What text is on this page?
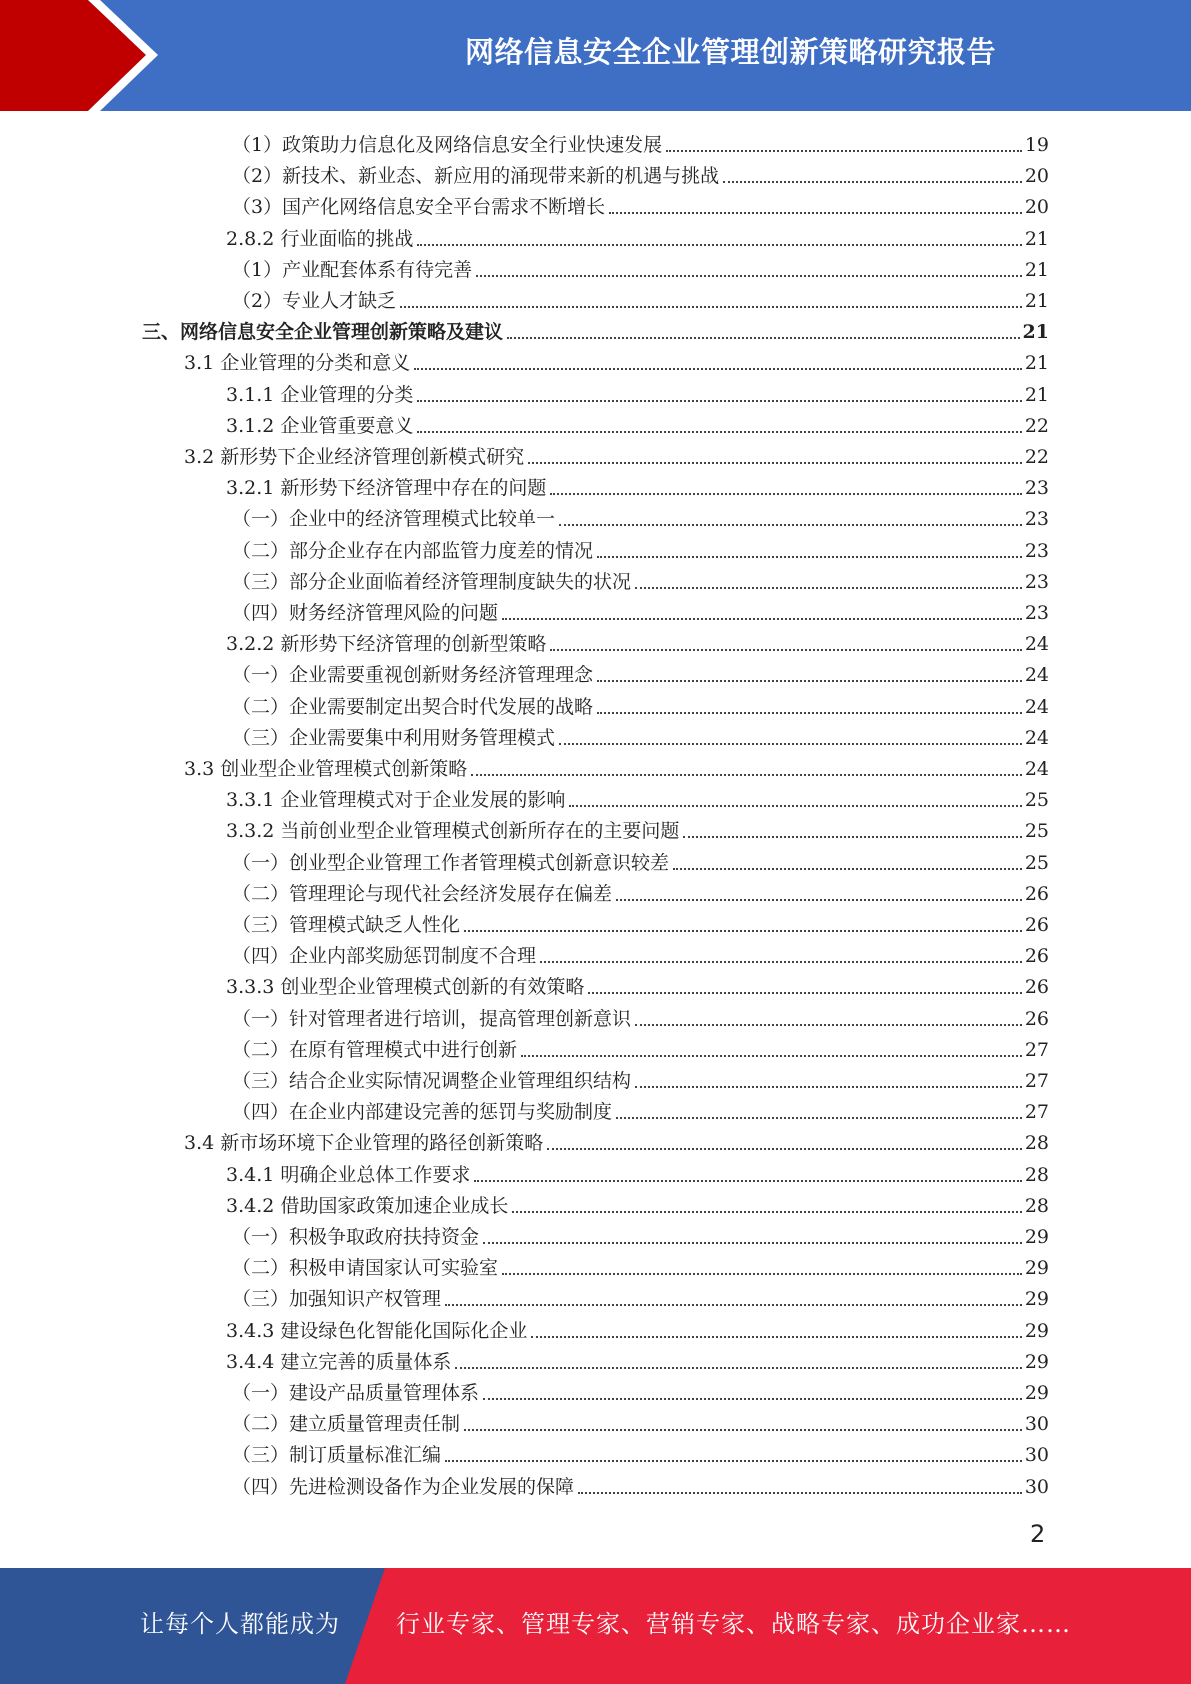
网络信息安全企业管理创新策略研究报告
（1）政策助力信息化及网络信息安全行业快速发展	19
（2）新技术、新业态、新应用的涌现带来新的机遇与挑战	20
（3）国产化网络信息安全平台需求不断增长	20
2.8.2 行业面临的挑战	21
（1）产业配套体系有待完善	21
（2）专业人才缺乏	21
三、网络信息安全企业管理创新策略及建议	21
3.1 企业管理的分类和意义	21
3.1.1 企业管理的分类	21
3.1.2 企业管重要意义	22
3.2 新形势下企业经济管理创新模式研究	22
3.2.1 新形势下经济管理中存在的问题	23
（一）企业中的经济管理模式比较单一	23
（二）部分企业存在内部监管力度差的情况	23
（三）部分企业面临着经济管理制度缺失的状况	23
（四）财务经济管理风险的问题	23
3.2.2 新形势下经济管理的创新型策略	24
（一）企业需要重视创新财务经济管理理念	24
（二）企业需要制定出契合时代发展的战略	24
（三）企业需要集中利用财务管理模式	24
3.3 创业型企业管理模式创新策略	24
3.3.1 企业管理模式对于企业发展的影响	25
3.3.2 当前创业型企业管理模式创新所存在的主要问题	25
（一）创业型企业管理工作者管理模式创新意识较差	25
（二）管理理论与现代社会经济发展存在偏差	26
（三）管理模式缺乏人性化	26
（四）企业内部奖励惩罚制度不合理	26
3.3.3 创业型企业管理模式创新的有效策略	26
（一）针对管理者进行培训，提高管理创新意识	26
（二）在原有管理模式中进行创新	27
（三）结合企业实际情况调整企业管理组织结构	27
（四）在企业内部建设完善的惩罚与奖励制度	27
3.4 新市场环境下企业管理的路径创新策略	28
3.4.1 明确企业总体工作要求	28
3.4.2 借助国家政策加速企业成长	28
（一）积极争取政府扶持资金	29
（二）积极申请国家认可实验室	29
（三）加强知识产权管理	29
3.4.3 建设绿色化智能化国际化企业	29
3.4.4 建立完善的质量体系	29
（一）建设产品质量管理体系	29
（二）建立质量管理责任制	30
（三）制订质量标准汇编	30
（四）先进检测设备作为企业发展的保障	30
2
让每个人都能成为	行业专家、管理专家、营销专家、战略专家、成功企业家……
